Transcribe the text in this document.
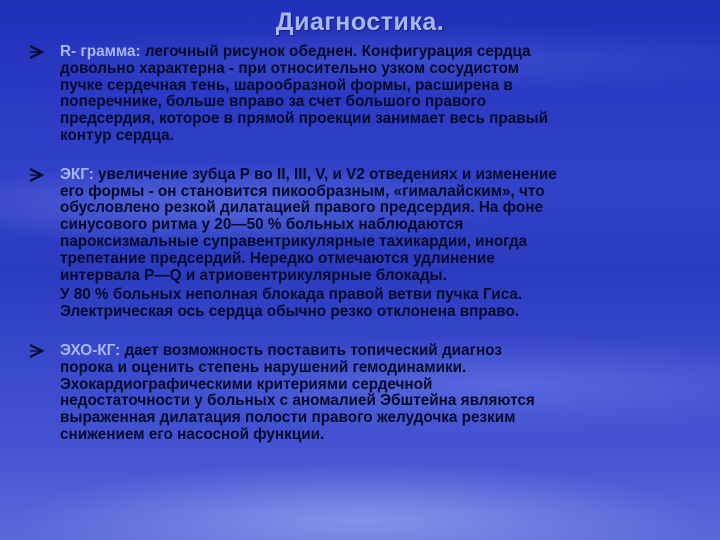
Диагностика.
R- грамма: легочный рисунок обеднен. Конфигурация сердца
довольно характерна - при относительно узком сосудистом
пучке сердечная тень, шарообразной формы, расширена в
поперечнике, больше вправо за счет большого правого
предсердия, которое в прямой проекции занимает весь правый
контур сердца.
ЭКГ: увеличение зубца Р во II, III, V, и V2 отведениях и изменение
его формы - он становится пикообразным, «гималайским», что
обусловлено резкой дилатацией правого предсердия. На фоне
синусового ритма у 20—50 % больных наблюдаются
пароксизмальные суправентрикулярные тахикардии, иногда
трепетание предсердий. Нередко отмечаются удлинение
интервала Р—Q и атриовентрикулярные блокады.
У 80 % больных неполная блокада правой ветви пучка Гиса.
Электрическая ось сердца обычно резко отклонена вправо.
ЭХО-КГ: дает возможность поставить топический диагноз
порока и оценить степень нарушений гемодинамики.
Эхокардиографическими критериями сердечной
недостаточности у больных с аномалией Эбштейна являются
выраженная дилатация полости правого желудочка резким
снижением его насосной функции.
